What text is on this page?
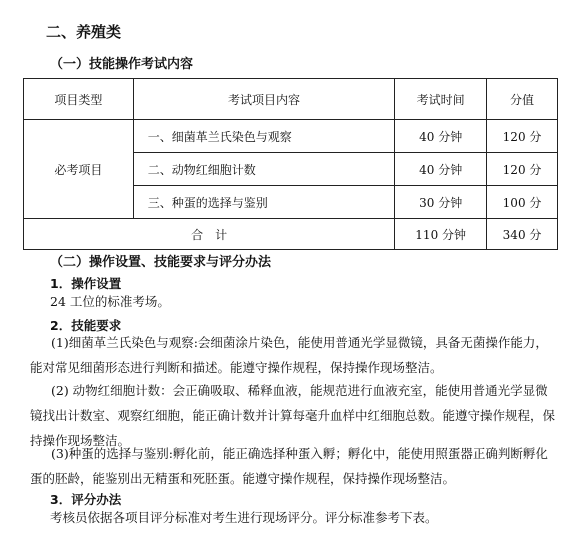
二、养殖类
（一）技能操作考试内容
项目类型	考试项目内容	考试时间	分值
必考项目	一、细菌革兰氏染色与观察	40 分钟	120 分
	二、动物红细胞计数	40 分钟	120 分
	三、种蛋的选择与鉴别	30 分钟	100 分
合　计		110 分钟	340 分
（二）操作设置、技能要求与评分办法
1．操作设置

24 工位的标准考场。

2．技能要求

(1)细菌革兰氏染色与观察:会细菌涂片染色，能使用普通光学显微镜，具备无菌操作能力，能对常见细菌形态进行判断和描述。能遵守操作规程，保持操作现场整洁。

(2) 动物红细胞计数：会正确吸取、稀释血液，能规范进行血液充室，能使用普通光学显微镜找出计数室、观察红细胞，能正确计数并计算每毫升血样中红细胞总数。能遵守操作规程，保持操作现场整洁。

(3)种蛋的选择与鉴别:孵化前，能正确选择种蛋入孵；孵化中，能使用照蛋器正确判断孵化蛋的胚龄，能鉴别出无精蛋和死胚蛋。能遵守操作规程，保持操作现场整洁。

3．评分办法

考核员依据各项目评分标准对考生进行现场评分。评分标准参考下表。
